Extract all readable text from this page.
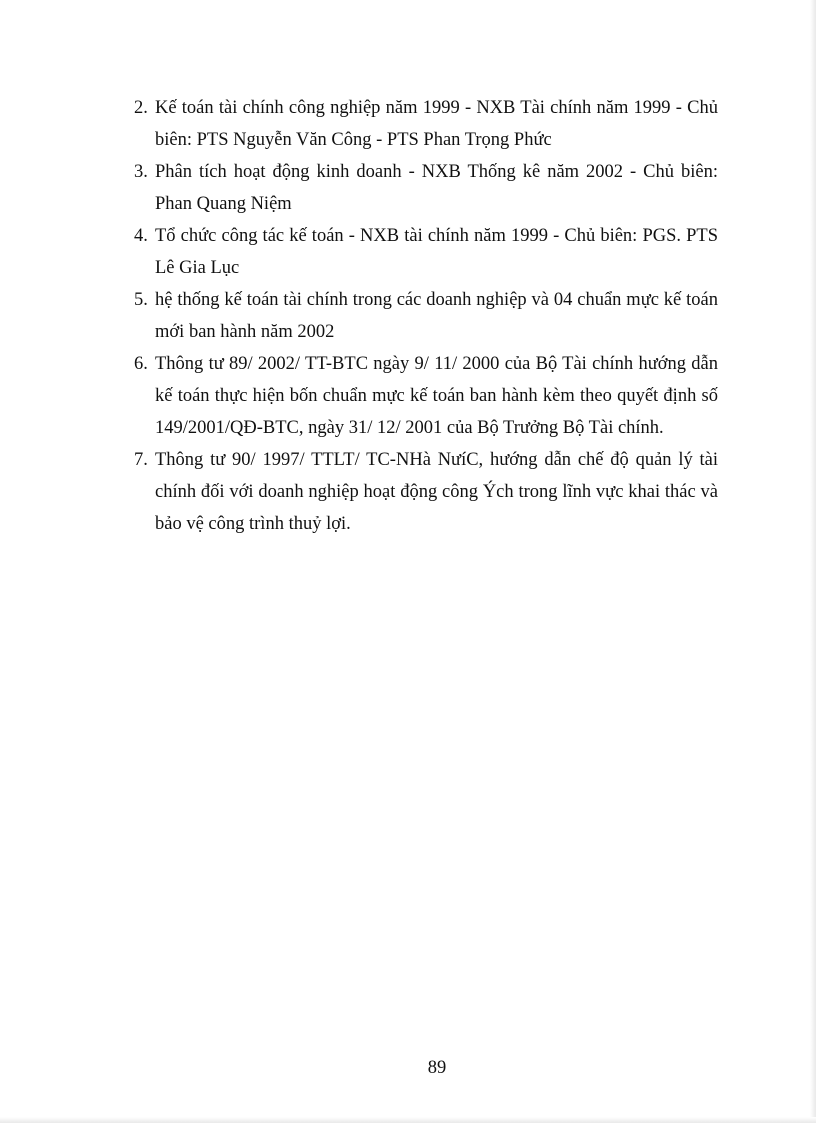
2. Kế toán tài chính công nghiệp năm 1999 - NXB Tài chính năm 1999 - Chủ biên: PTS Nguyễn Văn Công - PTS Phan Trọng Phức
3. Phân tích hoạt động kinh doanh - NXB Thống kê năm 2002 - Chủ biên: Phan Quang Niệm
4. Tổ chức công tác kế toán - NXB tài chính năm 1999 - Chủ biên: PGS. PTS Lê Gia Lục
5. hệ thống kế toán tài chính trong các doanh nghiệp và 04 chuẩn mực kế toán mới ban hành năm 2002
6. Thông tư 89/ 2002/ TT-BTC ngày 9/ 11/ 2000 của Bộ Tài chính hướng dẫn kế toán thực hiện bốn chuẩn mực kế toán ban hành kèm theo quyết định số 149/2001/QĐ-BTC, ngày 31/ 12/ 2001 của Bộ Trưởng Bộ Tài chính.
7. Thông tư 90/ 1997/ TTLT/ TC-NHà NưíC, hướng dẫn chế độ quản lý tài chính đối với doanh nghiệp hoạt động công Ých trong lĩnh vực khai thác và bảo vệ công trình thuỷ lợi.
89
